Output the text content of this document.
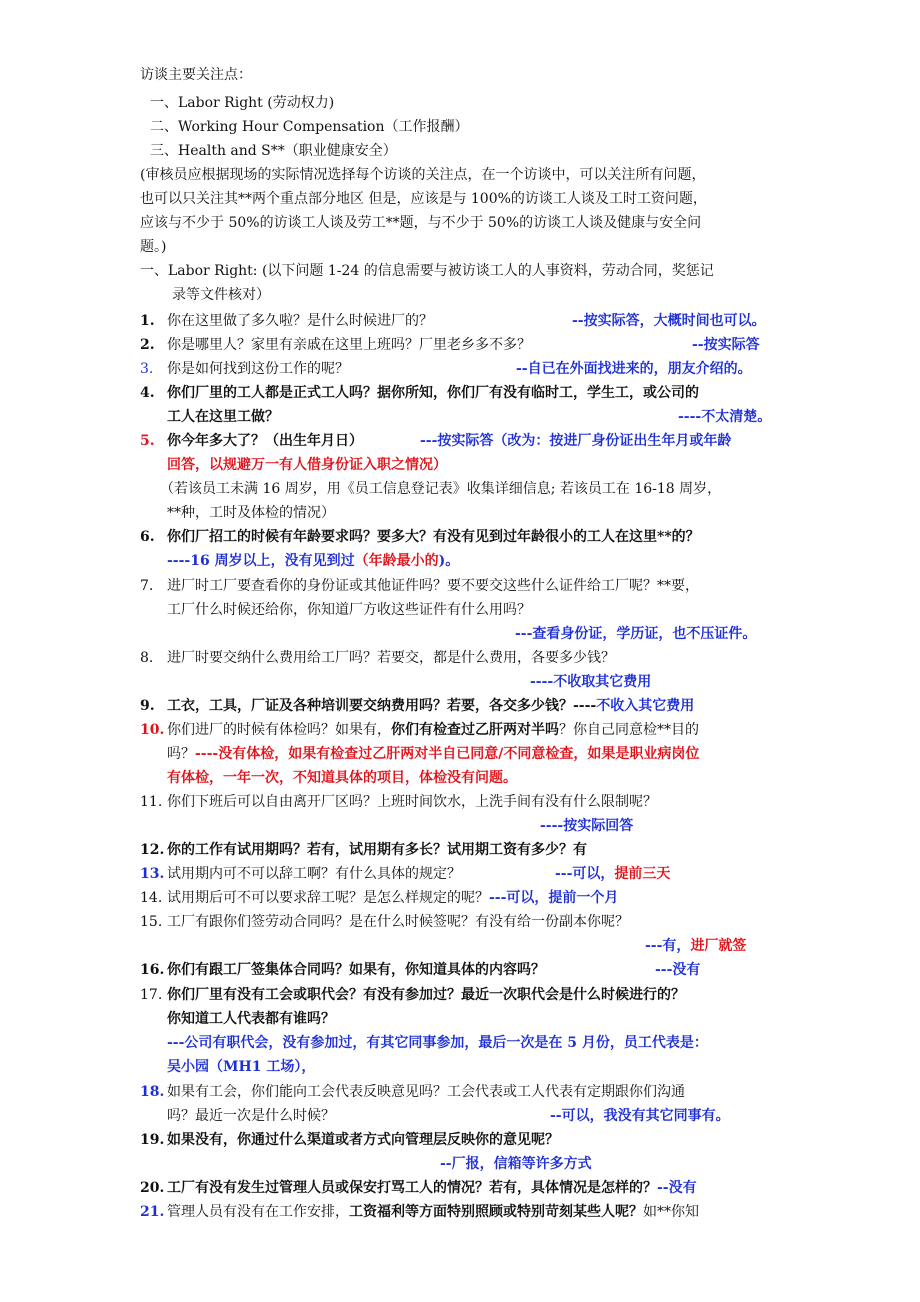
访谈主要关注点：
一、Labor Right (劳动权力)
二、Working Hour Compensation（工作报酬）
三、Health and S**（职业健康安全）
(审核员应根据现场的实际情况选择每个访谈的关注点，在一个访谈中，可以关注所有问题，
也可以只关注其**两个重点部分地区 但是，应该是与 100%的访谈工人谈及工时工资问题，
应该与不少于 50%的访谈工人谈及劳工**题，与不少于 50%的访谈工人谈及健康与安全问
题。)
一、Labor Right: (以下问题 1-24 的信息需要与被访谈工人的人事资料，劳动合同，奖惩记
录等文件核对）
1. 你在这里做了多久啦？是什么时候进厂的？	--按实际答，大概时间也可以。
2. 你是哪里人？家里有亲戚在这里上班吗？厂里老乡多不多？	--按实际答
3. 你是如何找到这份工作的呢？	--自已在外面找进来的，朋友介绍的。
4. 你们厂里的工人都是正式工人吗？据你所知，你们厂有没有临时工，学生工，或公司的
工人在这里工做？	----不太清楚。
5. 你今年多大了？（出生年月日）	---按实际答（改为：按进厂身份证出生年月或年龄
回答，以规避万一有人借身份证入职之情况）
（若该员工未满 16 周岁，用《员工信息登记表》收集详细信息; 若该员工在 16-18 周岁，
**种，工时及体检的情况）
6. 你们厂招工的时候有年龄要求吗？要多大？有没有见到过年龄很小的工人在这里**的？
----16 周岁以上，没有见到过（年龄最小的)。
7. 进厂时工厂要查看你的身份证或其他证件吗？要不要交这些什么证件给工厂呢？**要，
工厂什么时候还给你，你知道厂方收这些证件有什么用吗？
---查看身份证，学历证，也不压证件。
8. 进厂时要交纳什么费用给工厂吗？若要交，都是什么费用，各要多少钱？
----不收取其它费用
9. 工衣，工具，厂证及各种培训要交纳费用吗？若要，各交多少钱？----不收入其它费用
10. 你们进厂的时候有体检吗？如果有，你们有检查过乙肝两对半吗？你自己同意检**目的
吗？----没有体检，如果有检查过乙肝两对半自已同意/不同意检查，如果是职业病岗位
有体检，一年一次，不知道具体的项目，体检没有问题。
11. 你们下班后可以自由离开厂区吗？上班时间饮水，上洗手间有没有什么限制呢？
----按实际回答
12. 你的工作有试用期吗？若有，试用期有多长？试用期工资有多少？有
13. 试用期内可不可以辞工啊？有什么具体的规定？	---可以，提前三天
14. 试用期后可不可以要求辞工呢？是怎么样规定的呢？---可以，提前一个月
15. 工厂有跟你们签劳动合同吗？是在什么时候签呢？有没有给一份副本你呢？
---有，进厂就签
16. 你们有跟工厂签集体合同吗？如果有，你知道具体的内容吗？	---没有
17. 你们厂里有没有工会或职代会？有没有参加过？最近一次职代会是什么时候进行的？
你知道工人代表都有谁吗？
---公司有职代会，没有参加过，有其它同事参加，最后一次是在 5 月份，员工代表是：
吴小园（MH1 工场），
18. 如果有工会，你们能向工会代表反映意见吗？工会代表或工人代表有定期跟你们沟通
吗？最近一次是什么时候？	--可以，我没有其它同事有。
19. 如果没有，你通过什么渠道或者方式向管理层反映你的意见呢？
--厂报，信箱等许多方式
20. 工厂有没有发生过管理人员或保安打骂工人的情况？若有，具体情况是怎样的？--没有
21. 管理人员有没有在工作安排，工资福利等方面特别照顾或特别苛刻某些人呢？如**你知
